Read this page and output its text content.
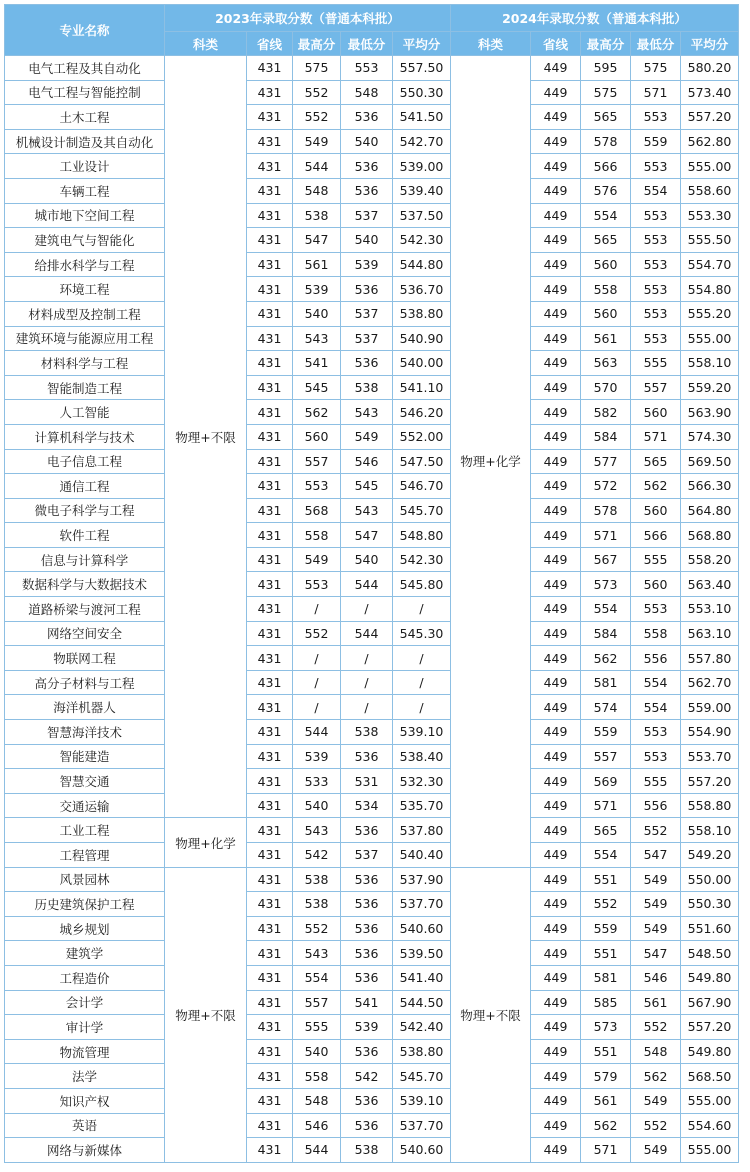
专业名称	2023年录取分数（普通本科批）					2024年录取分数（普通本科批）				
	科类	省线	最高分	最低分	平均分	科类	省线	最高分	最低分	平均分
电气工程及其自动化	物理+不限	431	575	553	557.50	物理+化学	449	595	575	580.20
电气工程与智能控制		431	552	548	550.30		449	575	571	573.40
土木工程		431	552	536	541.50		449	565	553	557.20
机械设计制造及其自动化		431	549	540	542.70		449	578	559	562.80
工业设计		431	544	536	539.00		449	566	553	555.00
车辆工程		431	548	536	539.40		449	576	554	558.60
城市地下空间工程		431	538	537	537.50		449	554	553	553.30
建筑电气与智能化		431	547	540	542.30		449	565	553	555.50
给排水科学与工程		431	561	539	544.80		449	560	553	554.70
环境工程		431	539	536	536.70		449	558	553	554.80
材料成型及控制工程		431	540	537	538.80		449	560	553	555.20
建筑环境与能源应用工程		431	543	537	540.90		449	561	553	555.00
材料科学与工程		431	541	536	540.00		449	563	555	558.10
智能制造工程		431	545	538	541.10		449	570	557	559.20
人工智能		431	562	543	546.20		449	582	560	563.90
计算机科学与技术		431	560	549	552.00		449	584	571	574.30
电子信息工程		431	557	546	547.50		449	577	565	569.50
通信工程		431	553	545	546.70		449	572	562	566.30
微电子科学与工程		431	568	543	545.70		449	578	560	564.80
软件工程		431	558	547	548.80		449	571	566	568.80
信息与计算科学		431	549	540	542.30		449	567	555	558.20
数据科学与大数据技术		431	553	544	545.80		449	573	560	563.40
道路桥梁与渡河工程		431	/	/	/		449	554	553	553.10
网络空间安全		431	552	544	545.30		449	584	558	563.10
物联网工程		431	/	/	/		449	562	556	557.80
高分子材料与工程		431	/	/	/		449	581	554	562.70
海洋机器人		431	/	/	/		449	574	554	559.00
智慧海洋技术		431	544	538	539.10		449	559	553	554.90
智能建造		431	539	536	538.40		449	557	553	553.70
智慧交通		431	533	531	532.30		449	569	555	557.20
交通运输		431	540	534	535.70		449	571	556	558.80
工业工程	物理+化学	431	543	536	537.80		449	565	552	558.10
工程管理		431	542	537	540.40		449	554	547	549.20
风景园林	物理+不限	431	538	536	537.90	物理+不限	449	551	549	550.00
历史建筑保护工程		431	538	536	537.70		449	552	549	550.30
城乡规划		431	552	536	540.60		449	559	549	551.60
建筑学		431	543	536	539.50		449	551	547	548.50
工程造价		431	554	536	541.40		449	581	546	549.80
会计学		431	557	541	544.50		449	585	561	567.90
审计学		431	555	539	542.40		449	573	552	557.20
物流管理		431	540	536	538.80		449	551	548	549.80
法学		431	558	542	545.70		449	579	562	568.50
知识产权		431	548	536	539.10		449	561	549	555.00
英语		431	546	536	537.70		449	562	552	554.60
网络与新媒体		431	544	538	540.60		449	571	549	555.00
